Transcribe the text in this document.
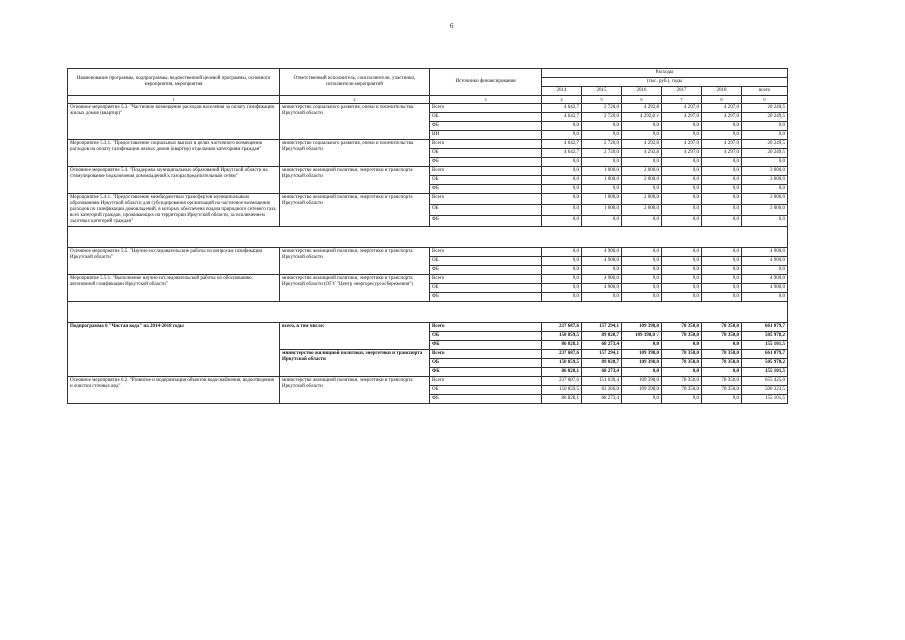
6
Наименование программы, подпрограммы, ведомственной целевой программы, основного мероприятия, мероприятия	Ответственный исполнитель, соисполнители, участники, исполнители мероприятий	Источники финансирования	Расходы					
			(тыс. руб.), годы					
			2014	2015	2016	2017	2018	всего
1	2	3	4	5	6	7	8	9
Основное мероприятие 5.3. "Частичное возмещение расходов населения за оплату газификации жилых домов (квартир)"	министерство социального развития, опеки и попечительства Иркутской области	Всего	4 642,7	2 720,0	4 292,8	4 297,0	4 297,0	20 249,5
		ОБ	4 642,7	2 720,0	4 292,8 √	4 297,0	4 297,0	20 249,5
		ФБ	0,0	0,0	0,0	0,0	0,0	0,0
		ИИ	0,0	0,0	0,0	0,0	0,0	0,0
Мероприятие 5.3.1. "Предоставление социальных выплат в целях частичного возмещения расходов на оплату газификации жилых домов (квартир) отдельным категориям граждан"	министерство социального развития, опеки и попечительства Иркутской области	Всего	4 642,7	2 720,0	4 292,8	4 297,0	4 297,0	20 249,5
		ОБ	4 642,7	2 720,0	4 292,8	4 297,0	4 297,0	20 249,5
		ФБ	0,0	0,0	0,0	0,0	0,0	0,0
Основное мероприятие 5.4. "Поддержка муниципальных образований Иркутской области на стимулирование подключения домовладений к газораспределительным сетям"	министерство жилищной политики, энергетики и транспорта Иркутской области	Всего	0,0	1 000,0	2 000,0	0,0	0,0	3 000,0
		ОБ	0,0	1 000,0	2 000,0	0,0	0,0	3 000,0
		ФБ	0,0	0,0	0,0	0,0	0,0	0,0
Мероприятие 5.4.1. "Предоставление межбюджетных трансфертов муниципальным образованиям Иркутской области для субсидирования организаций на частичное возмещение расходов по газификации домовладений, в которых обеспечена подача природного сетевого газа, всех категорий граждан, проживающих на территории Иркутской области, за исключением льготных категорий граждан"	министерство жилищной политики, энергетики и транспорта Иркутской области	Всего	0,0	1 000,0	2 000,0	0,0	0,0	3 000,0
		ОБ	0,0	1 000,0	2 000,0	0,0	0,0	3 000,0
		ФБ	0,0	0,0	0,0	0,0	0,0	0,0

Основное мероприятие 5.5. "Научно-исследовательские работы по вопросам газификации Иркутской области"	министерство жилищной политики, энергетики и транспорта Иркутской области	Всего	0,0	4 900,0	0,0	0,0	0,0	4 900,0
		ОБ	0,0	4 900,0	0,0	0,0	0,0	4 900,0
		ФБ	0,0	0,0	0,0	0,0	0,0	0,0
Мероприятие 5.5.1. "Выполнение научно-исследовательской работы по обоснованию автономной газификации Иркутской области"	министерство жилищной политики, энергетики и транспорта Иркутской области (ОГУ "Центр энергоресурсосбережения")	Всего	0,0	4 900,0	0,0	0,0	0,0	4 900,0
		ОБ	0,0	4 900,0	0,0	0,0	0,0	4 900,0
		ФБ	0,0	0,0	0,0	0,0	0,0	0,0

Подпрограмма 6 "Чистая вода" на 2014-2018 годы	всего, в том числе:	Всего	237 687,6	157 294,1	109 398,0	78 350,0	78 350,0	661 079,7
		ОБ	150 859,5	89 020,7	109 398,0 √	78 350,0	78 350,0	505 978,2
		ФБ	86 828,1	68 273,4	0,0	0,0	0,0	155 101,5
	министерство жилищной политики, энергетики и транспорта Иркутской области	Всего	237 687,6	157 294,1	109 398,0	78 350,0	78 350,0	661 079,7
		ОБ	150 859,5	89 020,7	109 398,0	78 350,0	78 350,0	505 978,2
		ФБ	86 828,1	68 273,4	0,0	0,0	0,0	155 101,5
Основное мероприятие 6.2. "Развитие и модернизация объектов водоснабжения, водоотведения и очистки сточных вод"	министерство жилищной политики, энергетики и транспорта Иркутской области	Всего	237 687,6	151 639,4	109 398,0	78 350,0	78 350,0	655 425,0
		ОБ	150 859,5	83 366,0	109 398,0	78 350,0	78 350,0	500 323,5
		ФБ	86 828,1	68 273,4	0,0	0,0	0,0	155 101,5
